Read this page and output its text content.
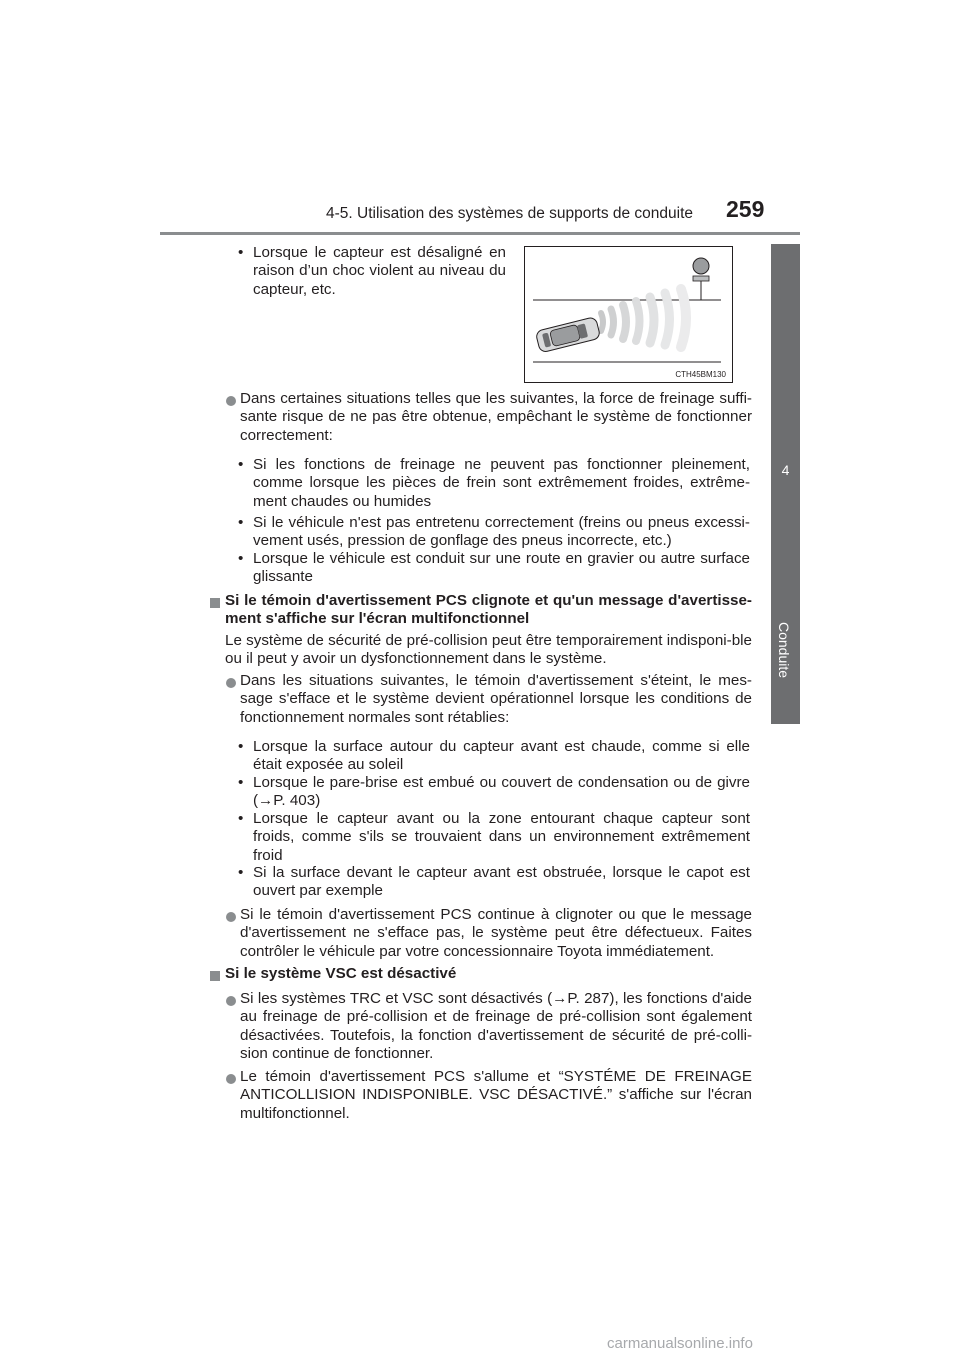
4-5. Utilisation des systèmes de supports de conduite 259
4
Conduite
CTH45BM130
• Lorsque le capteur est désaligné en raison d’un choc violent au niveau du capteur, etc.
Dans certaines situations telles que les suivantes, la force de freinage suffi-sante risque de ne pas être obtenue, empêchant le système de fonctionner correctement:
• Si les fonctions de freinage ne peuvent pas fonctionner pleinement, comme lorsque les pièces de frein sont extrêmement froides, extrême-ment chaudes ou humides
• Si le véhicule n'est pas entretenu correctement (freins ou pneus excessi-vement usés, pression de gonflage des pneus incorrecte, etc.)
• Lorsque le véhicule est conduit sur une route en gravier ou autre surface glissante
Si le témoin d'avertissement PCS clignote et qu'un message d'avertisse-ment s'affiche sur l'écran multifonctionnel
Le système de sécurité de pré-collision peut être temporairement indisponi-ble ou il peut y avoir un dysfonctionnement dans le système.
Dans les situations suivantes, le témoin d'avertissement s'éteint, le mes-sage s'efface et le système devient opérationnel lorsque les conditions de fonctionnement normales sont rétablies:
• Lorsque la surface autour du capteur avant est chaude, comme si elle était exposée au soleil
• Lorsque le pare-brise est embué ou couvert de condensation ou de givre (→P. 403)
• Lorsque le capteur avant ou la zone entourant chaque capteur sont froids, comme s'ils se trouvaient dans un environnement extrêmement froid
• Si la surface devant le capteur avant est obstruée, lorsque le capot est ouvert par exemple
Si le témoin d'avertissement PCS continue à clignoter ou que le message d'avertissement ne s'efface pas, le système peut être défectueux. Faites contrôler le véhicule par votre concessionnaire Toyota immédiatement.
Si le système VSC est désactivé
Si les systèmes TRC et VSC sont désactivés (→P. 287), les fonctions d'aide au freinage de pré-collision et de freinage de pré-collision sont également désactivées. Toutefois, la fonction d'avertissement de sécurité de pré-colli-sion continue de fonctionner.
Le témoin d'avertissement PCS s'allume et “SYSTÉME DE FREINAGE ANTICOLLISION INDISPONIBLE. VSC DÉSACTIVÉ.” s'affiche sur l'écran multifonctionnel.
carmanualsonline.info
